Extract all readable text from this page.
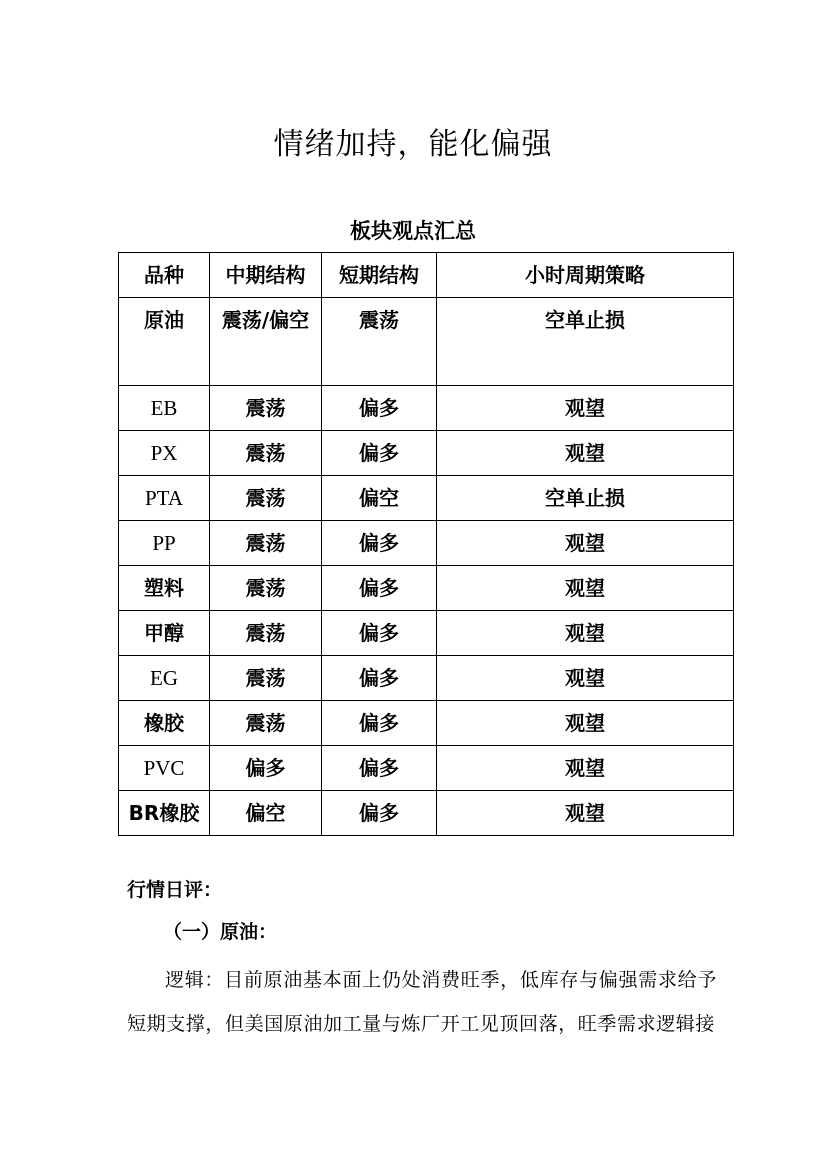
情绪加持，能化偏强
板块观点汇总
品种	中期结构	短期结构	小时周期策略
原油	震荡/偏空	震荡	空单止损
EB	震荡	偏多	观望
PX	震荡	偏多	观望
PTA	震荡	偏空	空单止损
PP	震荡	偏多	观望
塑料	震荡	偏多	观望
甲醇	震荡	偏多	观望
EG	震荡	偏多	观望
橡胶	震荡	偏多	观望
PVC	偏多	偏多	观望
BR橡胶	偏空	偏多	观望
行情日评：
（一）原油：
逻辑：目前原油基本面上仍处消费旺季，低库存与偏强需求给予短期支撑，但美国原油加工量与炼厂开工见顶回落，旺季需求逻辑接
